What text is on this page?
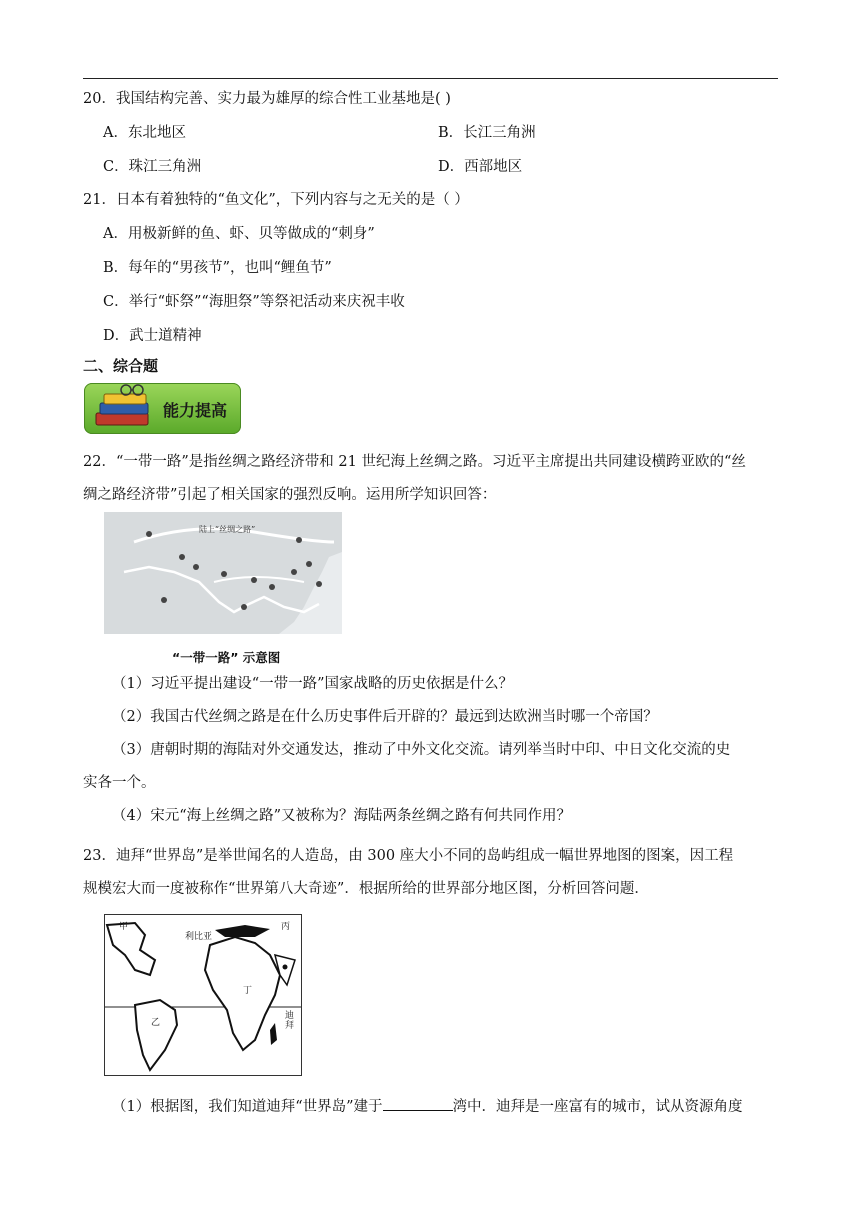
20．我国结构完善、实力最为雄厚的综合性工业基地是( )
A．东北地区	B．长江三角洲
C．珠江三角洲	D．西部地区
21．日本有着独特的“鱼文化”，下列内容与之无关的是（ ）
A．用极新鲜的鱼、虾、贝等做成的“刺身”
B．每年的“男孩节”，也叫“鲤鱼节”
C．举行“虾祭”“海胆祭”等祭祀活动来庆祝丰收
D．武士道精神
二、综合题
能力提高
22．“一带一路”是指丝绸之路经济带和 21 世纪海上丝绸之路。习近平主席提出共同建设横跨亚欧的“丝
绸之路经济带”引起了相关国家的强烈反响。运用所学知识回答：
陆上“丝绸之路”
“一带一路” 示意图
（1）习近平提出建设“一带一路”国家战略的历史依据是什么？
（2）我国古代丝绸之路是在什么历史事件后开辟的？最远到达欧洲当时哪一个帝国？
（3）唐朝时期的海陆对外交通发达，推动了中外文化交流。请列举当时中印、中日文化交流的史
实各一个。
（4）宋元“海上丝绸之路”又被称为？海陆两条丝绸之路有何共同作用？
23．迪拜“世界岛”是举世闻名的人造岛，由 300 座大小不同的岛屿组成一幅世界地图的图案，因工程
规模宏大而一度被称作“世界第八大奇迹”．根据所给的世界部分地区图，分析回答问题．
甲
利比亚
丙
丁
乙
迪拜
（1）根据图，我们知道迪拜“世界岛”建于	湾中．迪拜是一座富有的城市，试从资源角度
